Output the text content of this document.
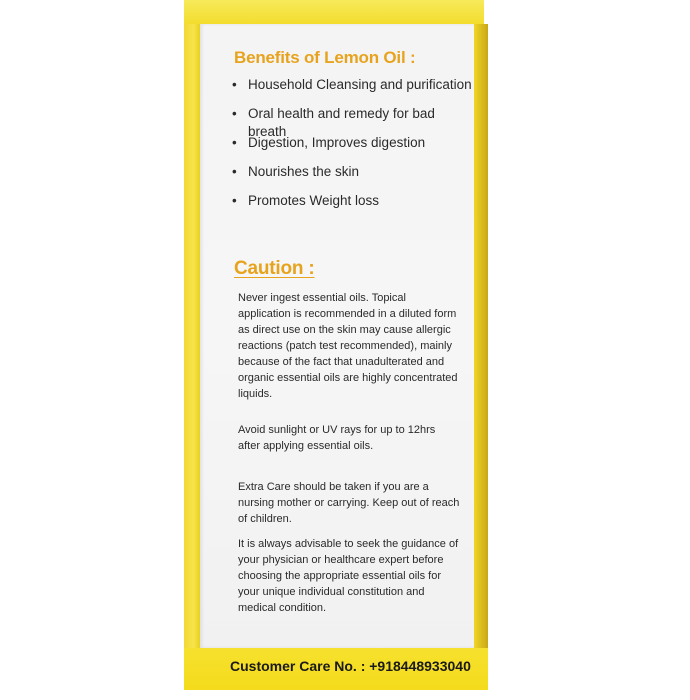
Benefits of Lemon Oil :
• Household Cleansing and purification
• Oral health and remedy for bad breath
• Digestion, Improves digestion
• Nourishes the skin
• Promotes Weight loss
Caution :
Never ingest essential oils. Topical application is recommended in a diluted form as direct use on the skin may cause allergic reactions (patch test recommended), mainly because of the fact that unadulterated and organic essential oils are highly concentrated liquids.
Avoid sunlight or UV rays for up to 12hrs after applying essential oils.
Extra Care should be taken if you are a nursing mother or carrying. Keep out of reach of children.
It is always advisable to seek the guidance of your physician or healthcare expert before choosing the appropriate essential oils for your unique individual constitution and medical condition.
Customer Care No. : +918448933040
